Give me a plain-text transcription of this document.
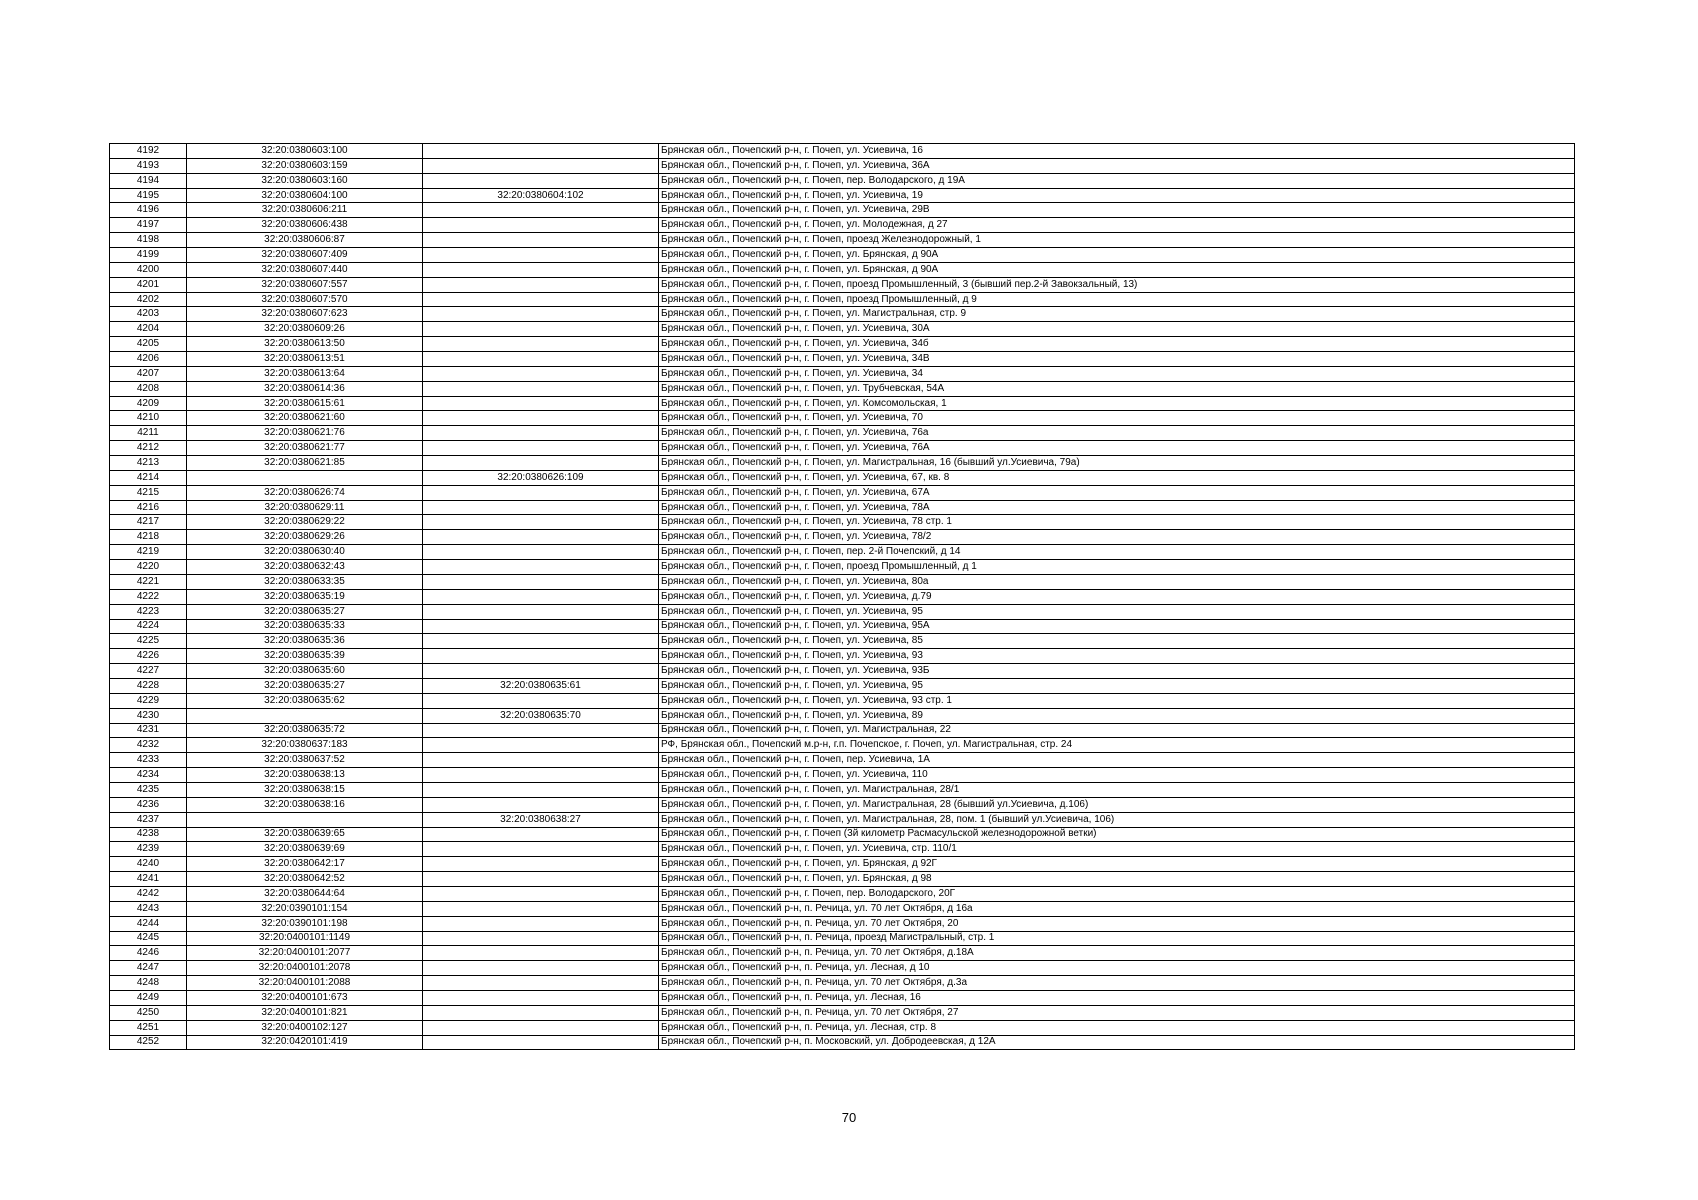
4192	32:20:0380603:100		Брянская обл., Почепский р-н, г. Почеп, ул. Усиевича, 16
4193	32:20:0380603:159		Брянская обл., Почепский р-н, г. Почеп, ул. Усиевича, 36А
4194	32:20:0380603:160		Брянская обл., Почепский р-н, г. Почеп, пер. Володарского, д 19А
4195	32:20:0380604:100	32:20:0380604:102	Брянская обл., Почепский р-н, г. Почеп, ул. Усиевича, 19
4196	32:20:0380606:211		Брянская обл., Почепский р-н, г. Почеп, ул. Усиевича, 29В
4197	32:20:0380606:438		Брянская обл., Почепский р-н, г. Почеп, ул. Молодежная, д 27
4198	32:20:0380606:87		Брянская обл., Почепский р-н, г. Почеп, проезд Железнодорожный, 1
4199	32:20:0380607:409		Брянская обл., Почепский р-н, г. Почеп, ул. Брянская, д 90А
4200	32:20:0380607:440		Брянская обл., Почепский р-н, г. Почеп, ул. Брянская, д 90А
4201	32:20:0380607:557		Брянская обл., Почепский р-н, г. Почеп, проезд Промышленный, 3 (бывший пер.2-й Завокзальный, 13)
4202	32:20:0380607:570		Брянская обл., Почепский р-н, г. Почеп, проезд Промышленный, д 9
4203	32:20:0380607:623		Брянская обл., Почепский р-н, г. Почеп, ул. Магистральная, стр. 9
4204	32:20:0380609:26		Брянская обл., Почепский р-н, г. Почеп, ул. Усиевича, 30А
4205	32:20:0380613:50		Брянская обл., Почепский р-н, г. Почеп, ул. Усиевича, 34б
4206	32:20:0380613:51		Брянская обл., Почепский р-н, г. Почеп, ул. Усиевича, 34В
4207	32:20:0380613:64		Брянская обл., Почепский р-н, г. Почеп, ул. Усиевича, 34
4208	32:20:0380614:36		Брянская обл., Почепский р-н, г. Почеп, ул. Трубчевская, 54А
4209	32:20:0380615:61		Брянская обл., Почепский р-н, г. Почеп, ул. Комсомольская, 1
4210	32:20:0380621:60		Брянская обл., Почепский р-н, г. Почеп, ул. Усиевича, 70
4211	32:20:0380621:76		Брянская обл., Почепский р-н, г. Почеп, ул. Усиевича, 76а
4212	32:20:0380621:77		Брянская обл., Почепский р-н, г. Почеп, ул. Усиевича, 76А
4213	32:20:0380621:85		Брянская обл., Почепский р-н, г. Почеп, ул. Магистральная, 16 (бывший ул.Усиевича, 79а)
4214		32:20:0380626:109	Брянская обл., Почепский р-н, г. Почеп, ул. Усиевича, 67, кв. 8
4215	32:20:0380626:74		Брянская обл., Почепский р-н, г. Почеп, ул. Усиевича, 67А
4216	32:20:0380629:11		Брянская обл., Почепский р-н, г. Почеп, ул. Усиевича, 78А
4217	32:20:0380629:22		Брянская обл., Почепский р-н, г. Почеп, ул. Усиевича, 78 стр. 1
4218	32:20:0380629:26		Брянская обл., Почепский р-н, г. Почеп, ул. Усиевича, 78/2
4219	32:20:0380630:40		Брянская обл., Почепский р-н, г. Почеп, пер. 2-й Почепский, д 14
4220	32:20:0380632:43		Брянская обл., Почепский р-н, г. Почеп, проезд Промышленный, д 1
4221	32:20:0380633:35		Брянская обл., Почепский р-н, г. Почеп, ул. Усиевича, 80а
4222	32:20:0380635:19		Брянская обл., Почепский р-н, г. Почеп, ул. Усиевича, д.79
4223	32:20:0380635:27		Брянская обл., Почепский р-н, г. Почеп, ул. Усиевича, 95
4224	32:20:0380635:33		Брянская обл., Почепский р-н, г. Почеп, ул. Усиевича, 95А
4225	32:20:0380635:36		Брянская обл., Почепский р-н, г. Почеп, ул. Усиевича, 85
4226	32:20:0380635:39		Брянская обл., Почепский р-н, г. Почеп, ул. Усиевича, 93
4227	32:20:0380635:60		Брянская обл., Почепский р-н, г. Почеп, ул. Усиевича, 93Б
4228	32:20:0380635:27	32:20:0380635:61	Брянская обл., Почепский р-н, г. Почеп, ул. Усиевича, 95
4229	32:20:0380635:62		Брянская обл., Почепский р-н, г. Почеп, ул. Усиевича, 93 стр. 1
4230		32:20:0380635:70	Брянская обл., Почепский р-н, г. Почеп, ул. Усиевича, 89
4231	32:20:0380635:72		Брянская обл., Почепский р-н, г. Почеп, ул. Магистральная, 22
4232	32:20:0380637:183		РФ, Брянская обл., Почепский м.р-н, г.п. Почепское, г. Почеп, ул. Магистральная, стр. 24
4233	32:20:0380637:52		Брянская обл., Почепский р-н, г. Почеп, пер. Усиевича, 1А
4234	32:20:0380638:13		Брянская обл., Почепский р-н, г. Почеп, ул. Усиевича, 110
4235	32:20:0380638:15		Брянская обл., Почепский р-н, г. Почеп, ул. Магистральная, 28/1
4236	32:20:0380638:16		Брянская обл., Почепский р-н, г. Почеп, ул. Магистральная, 28 (бывший ул.Усиевича, д.106)
4237		32:20:0380638:27	Брянская обл., Почепский р-н, г. Почеп, ул. Магистральная, 28, пом. 1 (бывший ул.Усиевича, 106)
4238	32:20:0380639:65		Брянская обл., Почепский р-н, г. Почеп (3й километр Расмасульской железнодорожной ветки)
4239	32:20:0380639:69		Брянская обл., Почепский р-н, г. Почеп, ул. Усиевича, стр. 110/1
4240	32:20:0380642:17		Брянская обл., Почепский р-н, г. Почеп, ул. Брянская, д 92Г
4241	32:20:0380642:52		Брянская обл., Почепский р-н, г. Почеп, ул. Брянская, д 98
4242	32:20:0380644:64		Брянская обл., Почепский р-н, г. Почеп, пер. Володарского, 20Г
4243	32:20:0390101:154		Брянская обл., Почепский р-н, п. Речица, ул. 70 лет Октября, д 16а
4244	32:20:0390101:198		Брянская обл., Почепский р-н, п. Речица, ул. 70 лет Октября, 20
4245	32:20:0400101:1149		Брянская обл., Почепский р-н, п. Речица, проезд Магистральный, стр. 1
4246	32:20:0400101:2077		Брянская обл., Почепский р-н, п. Речица, ул. 70 лет Октября, д.18А
4247	32:20:0400101:2078		Брянская обл., Почепский р-н, п. Речица, ул. Лесная, д 10
4248	32:20:0400101:2088		Брянская обл., Почепский р-н, п. Речица, ул. 70 лет Октября, д.3а
4249	32:20:0400101:673		Брянская обл., Почепский р-н, п. Речица, ул. Лесная, 16
4250	32:20:0400101:821		Брянская обл., Почепский р-н, п. Речица, ул. 70 лет Октября, 27
4251	32:20:0400102:127		Брянская обл., Почепский р-н, п. Речица, ул. Лесная, стр. 8
4252	32:20:0420101:419		Брянская обл., Почепский р-н, п. Московский, ул. Добродеевская, д 12А
70
